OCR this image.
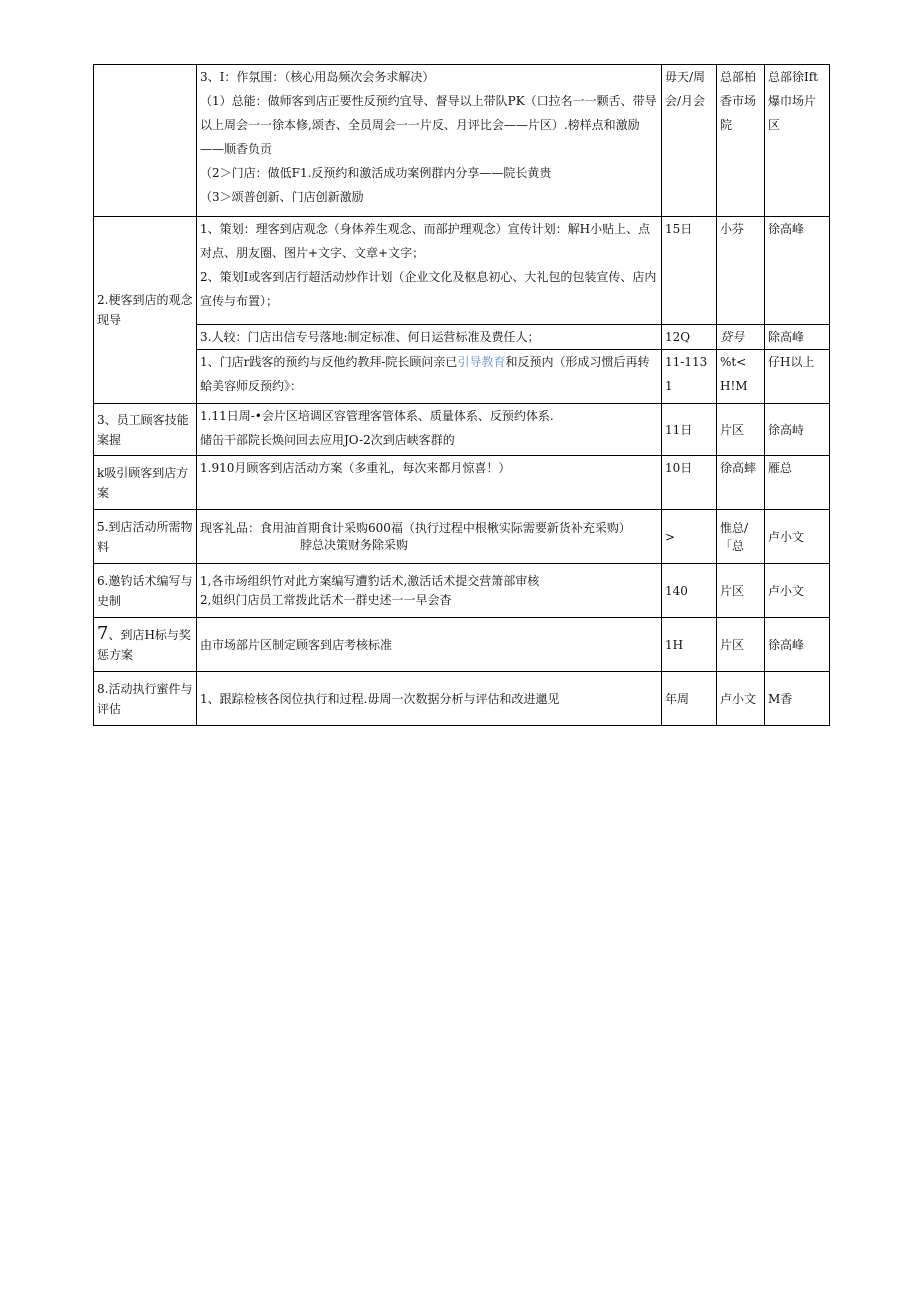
	3、I：作氛围：（核心用岛频次会务求解决）
（1）总能：做师客到店正要性反预约宜导、督导以上带队PK（口拉名一一颗舌、带导以上周会一一徐本修,颂杏、全员周会一一片反、月评比会——片区）.榜样点和激励——顺香负贡
（2＞门店：做低F1.反预约和激活成功案例群内分享——院长黄贵
（3＞颂普创新、门店创新激励	毋天/周会/月会	总部柏香市场院	总部徐Ift爆巾场片区
2.梗客到店的观念现导	1、策划：理客到店观念（身体养生观念、而部护理观念）宣传计划：解H小贴上、点对点、朋友圈、图片+文字、文章+文字；
2、策划I或客到店行超活动炒作计划（企业文化及枢息初心、大礼包的包装宣传、店内宣传与布置）；	15日	小芬	徐高峰

	3.人较：门店出信专号落地:制定标准、何日运营标准及费任人；	12Q	贷号	除高峰
	1、门店r践客的预约与反他约教拜-院长顾问亲已引导教育和反预内（形成习惯后再转蛤美容师反预约》：	11-1131	%t<H!M	仔H以上
3、员工顾客技能案握	1.11日周-•会片区培调区容管理客管体系、质量体系、反预约体系.
储缶干部院长焕问回去应用JO-2次到店峡客群的	11日	片区	徐高峙
k吸引顾客到店方案	1.910月顾客到店活动方案（多重礼，每次来都月惊喜！）	10日	徐高蟀	雁总
5.到店活动所需物料	现客礼品：食用油首期食计采购600福（执行过程中根楸实际需要新货补充采购）
脖总决策财务除采购	>	惟总/「总	卢小文
6.邀钓话术编写与史制	1,各市场组织竹对此方案编写遭豹话术,激活话术提交营箫部审核
2,姐织门店员工常拨此话术一群史述一一早会杳	140	片区	卢小文
7、到店H标与奖惩方案	由市场部片区制定顾客到店考核标准	1H	片区	徐高峰
8.活动执行蜜件与评估	1、跟踪检核各闵位执行和过程.毋周一次数据分析与评估和改进邋见	年周	卢小文	M香
